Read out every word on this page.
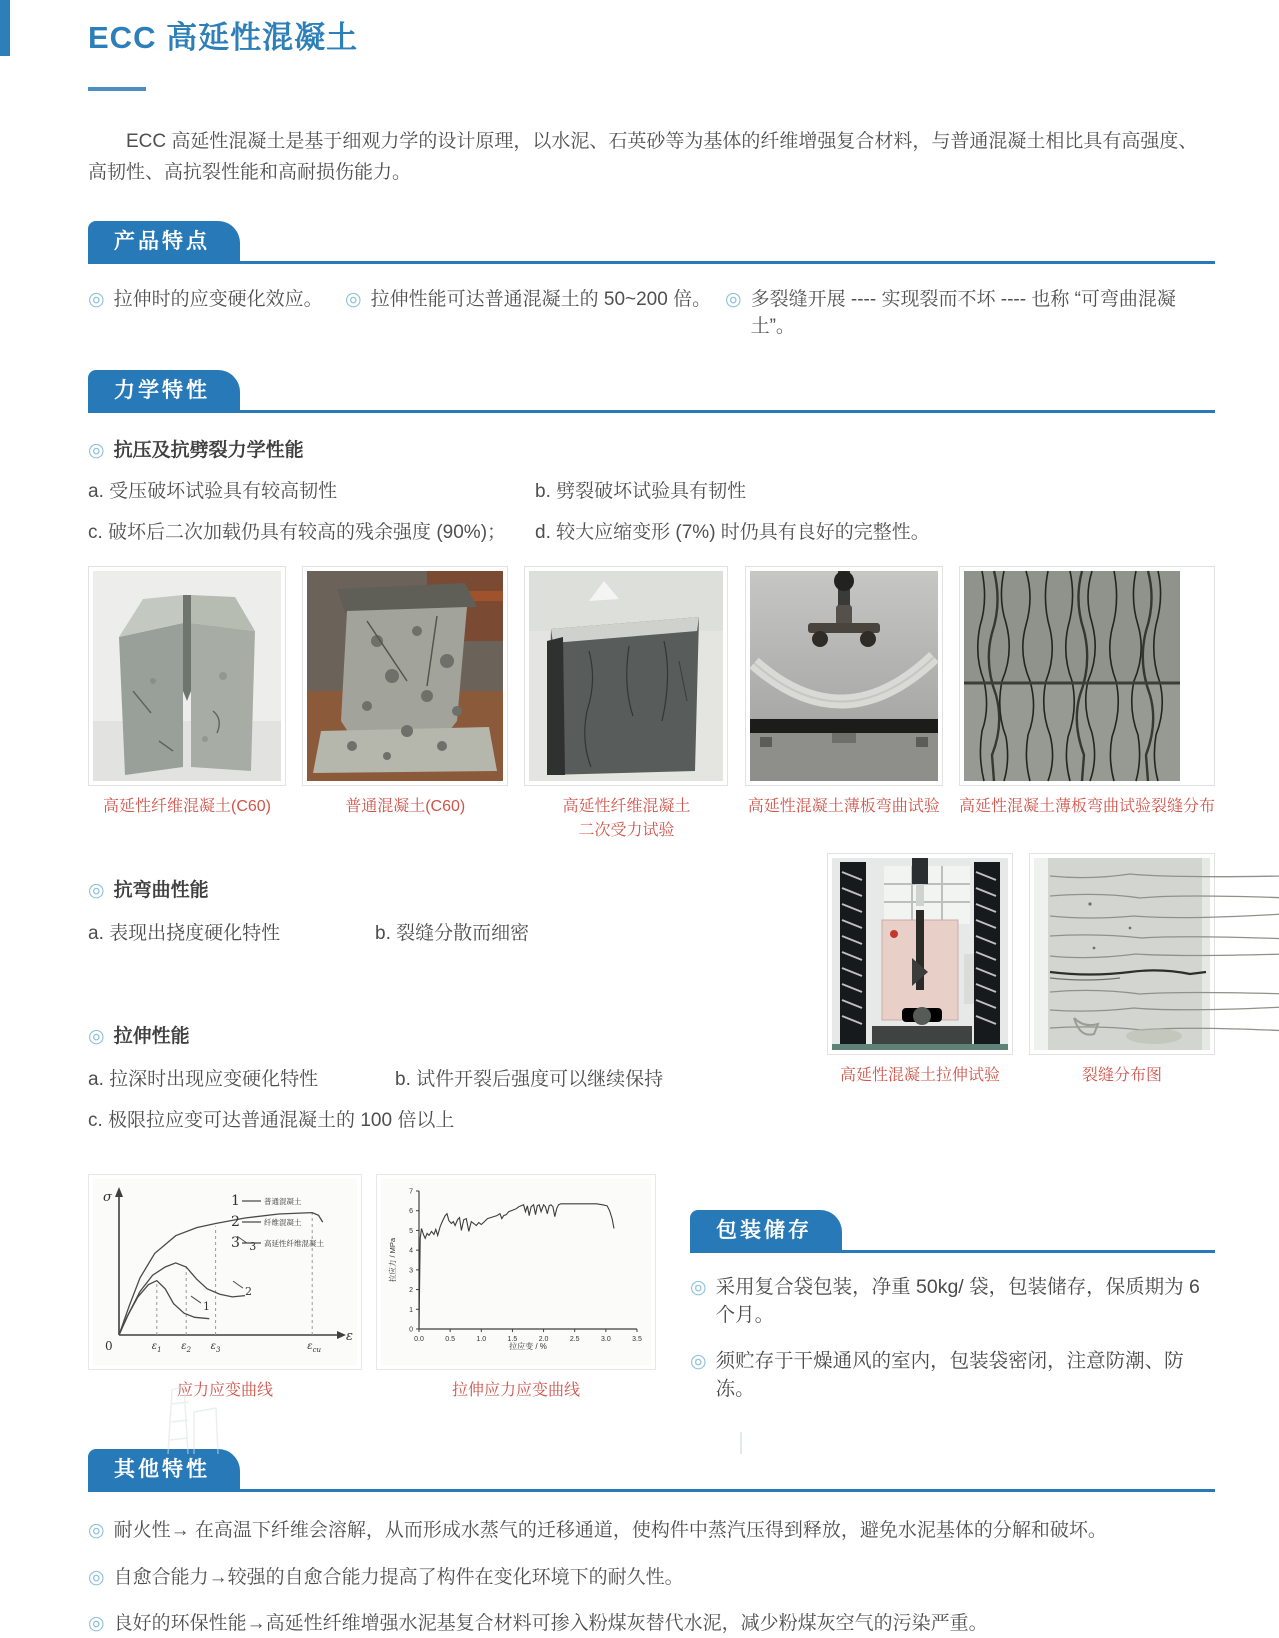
ECC 高延性混凝土

ECC 高延性混凝土是基于细观力学的设计原理，以水泥、石英砂等为基体的纤维增强复合材料，与普通混凝土相比具有高强度、高韧性、高抗裂性能和高耐损伤能力。

产品特点
◎ 拉伸时的应变硬化效应。 ◎ 拉伸性能可达普通混凝土的 50~200 倍。 ◎ 多裂缝开展 ---- 实现裂而不坏 ---- 也称 “可弯曲混凝土”。
力学特性
◎ 抗压及抗劈裂力学性能
a. 受压破坏试验具有较高韧性	b. 劈裂破坏试验具有韧性
c. 破坏后二次加载仍具有较高的残余强度 (90%)；	d. 较大应缩变形 (7%) 时仍具有良好的完整性。
高延性纤维混凝土(C60)	普通混凝土(C60)	高延性纤维混凝土
二次受力试验
高延性混凝土薄板弯曲试验 高延性混凝土薄板弯曲试验裂缝分布
◎ 抗弯曲性能
a. 表现出挠度硬化特性	b. 裂缝分散而细密
◎ 拉伸性能
a. 拉深时出现应变硬化特性	b. 试件开裂后强度可以继续保持
c. 极限拉应变可达普通混凝土的 100 倍以上
高延性混凝土拉伸试验	裂缝分布图
σ
ε
0	$\varepsilon_1$ $\varepsilon_2$ $\varepsilon_3$	$\varepsilon_{cu}$
1
2
3
1	普通混凝土
2	纤维混凝土
3	高延性纤维混凝土
应力应变曲线
0.0	0.5	1.0	1.5	2.0	2.5	3.0	3.5
0
1
2
3
4
5
6
7
拉应力 / MPa
拉应变 / %
拉伸应力应变曲线
包装储存
◎ 采用复合袋包装，净重 50kg/ 袋，包装储存，保质期为 6 个月。
◎ 须贮存于干燥通风的室内，包装袋密闭，注意防潮、防冻。
其他特性
◎ 耐火性→ 在高温下纤维会溶解，从而形成水蒸气的迁移通道，使构件中蒸汽压得到释放，避免水泥基体的分解和破坏。
◎ 自愈合能力→较强的自愈合能力提高了构件在变化环境下的耐久性。
◎ 良好的环保性能→高延性纤维增强水泥基复合材料可掺入粉煤灰替代水泥，减少粉煤灰空气的污染严重。
